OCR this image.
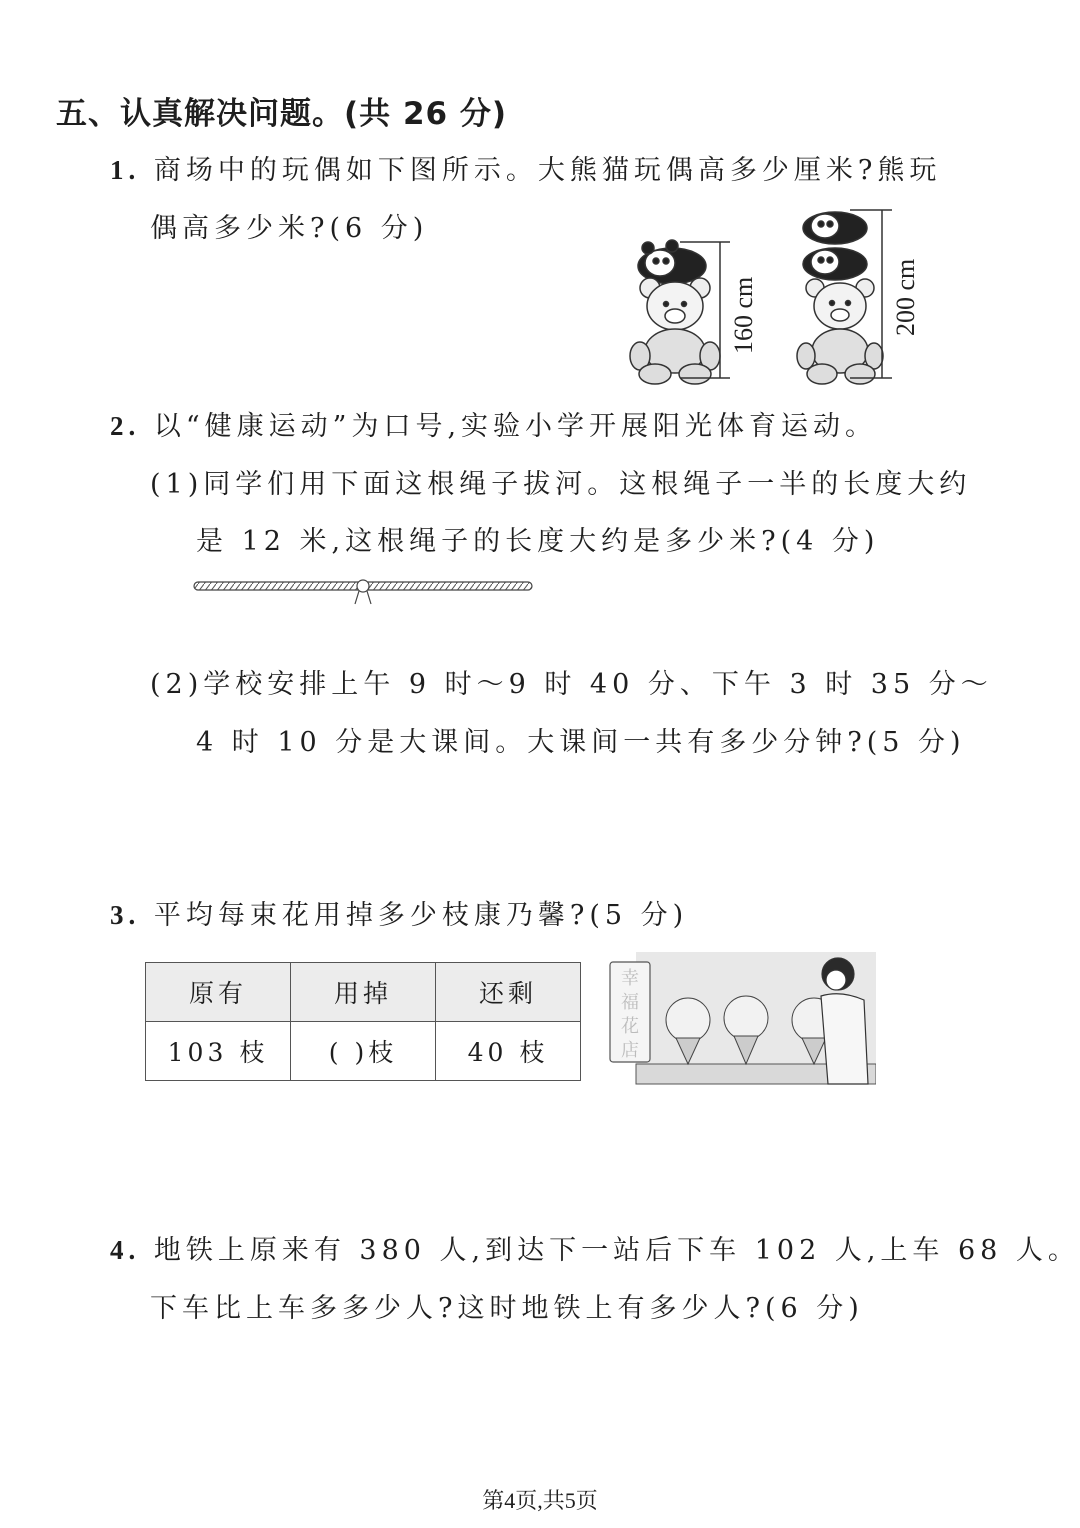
五、认真解决问题。(共 26 分)
1. 商场中的玩偶如下图所示。大熊猫玩偶高多少厘米?熊玩
偶高多少米?(6 分)
160 cm	200 cm
2. 以“健康运动”为口号,实验小学开展阳光体育运动。
(1)同学们用下面这根绳子拔河。这根绳子一半的长度大约
是 12 米,这根绳子的长度大约是多少米?(4 分)
(2)学校安排上午 9 时～9 时 40 分、下午 3 时 35 分～
4 时 10 分是大课间。大课间一共有多少分钟?(5 分)
3. 平均每束花用掉多少枝康乃馨?(5 分)
原有	用掉	还剩
103 枝	( )枝	40 枝
幸
福
花
店
4. 地铁上原来有 380 人,到达下一站后下车 102 人,上车 68 人。
下车比上车多多少人?这时地铁上有多少人?(6 分)
第4页,共5页
